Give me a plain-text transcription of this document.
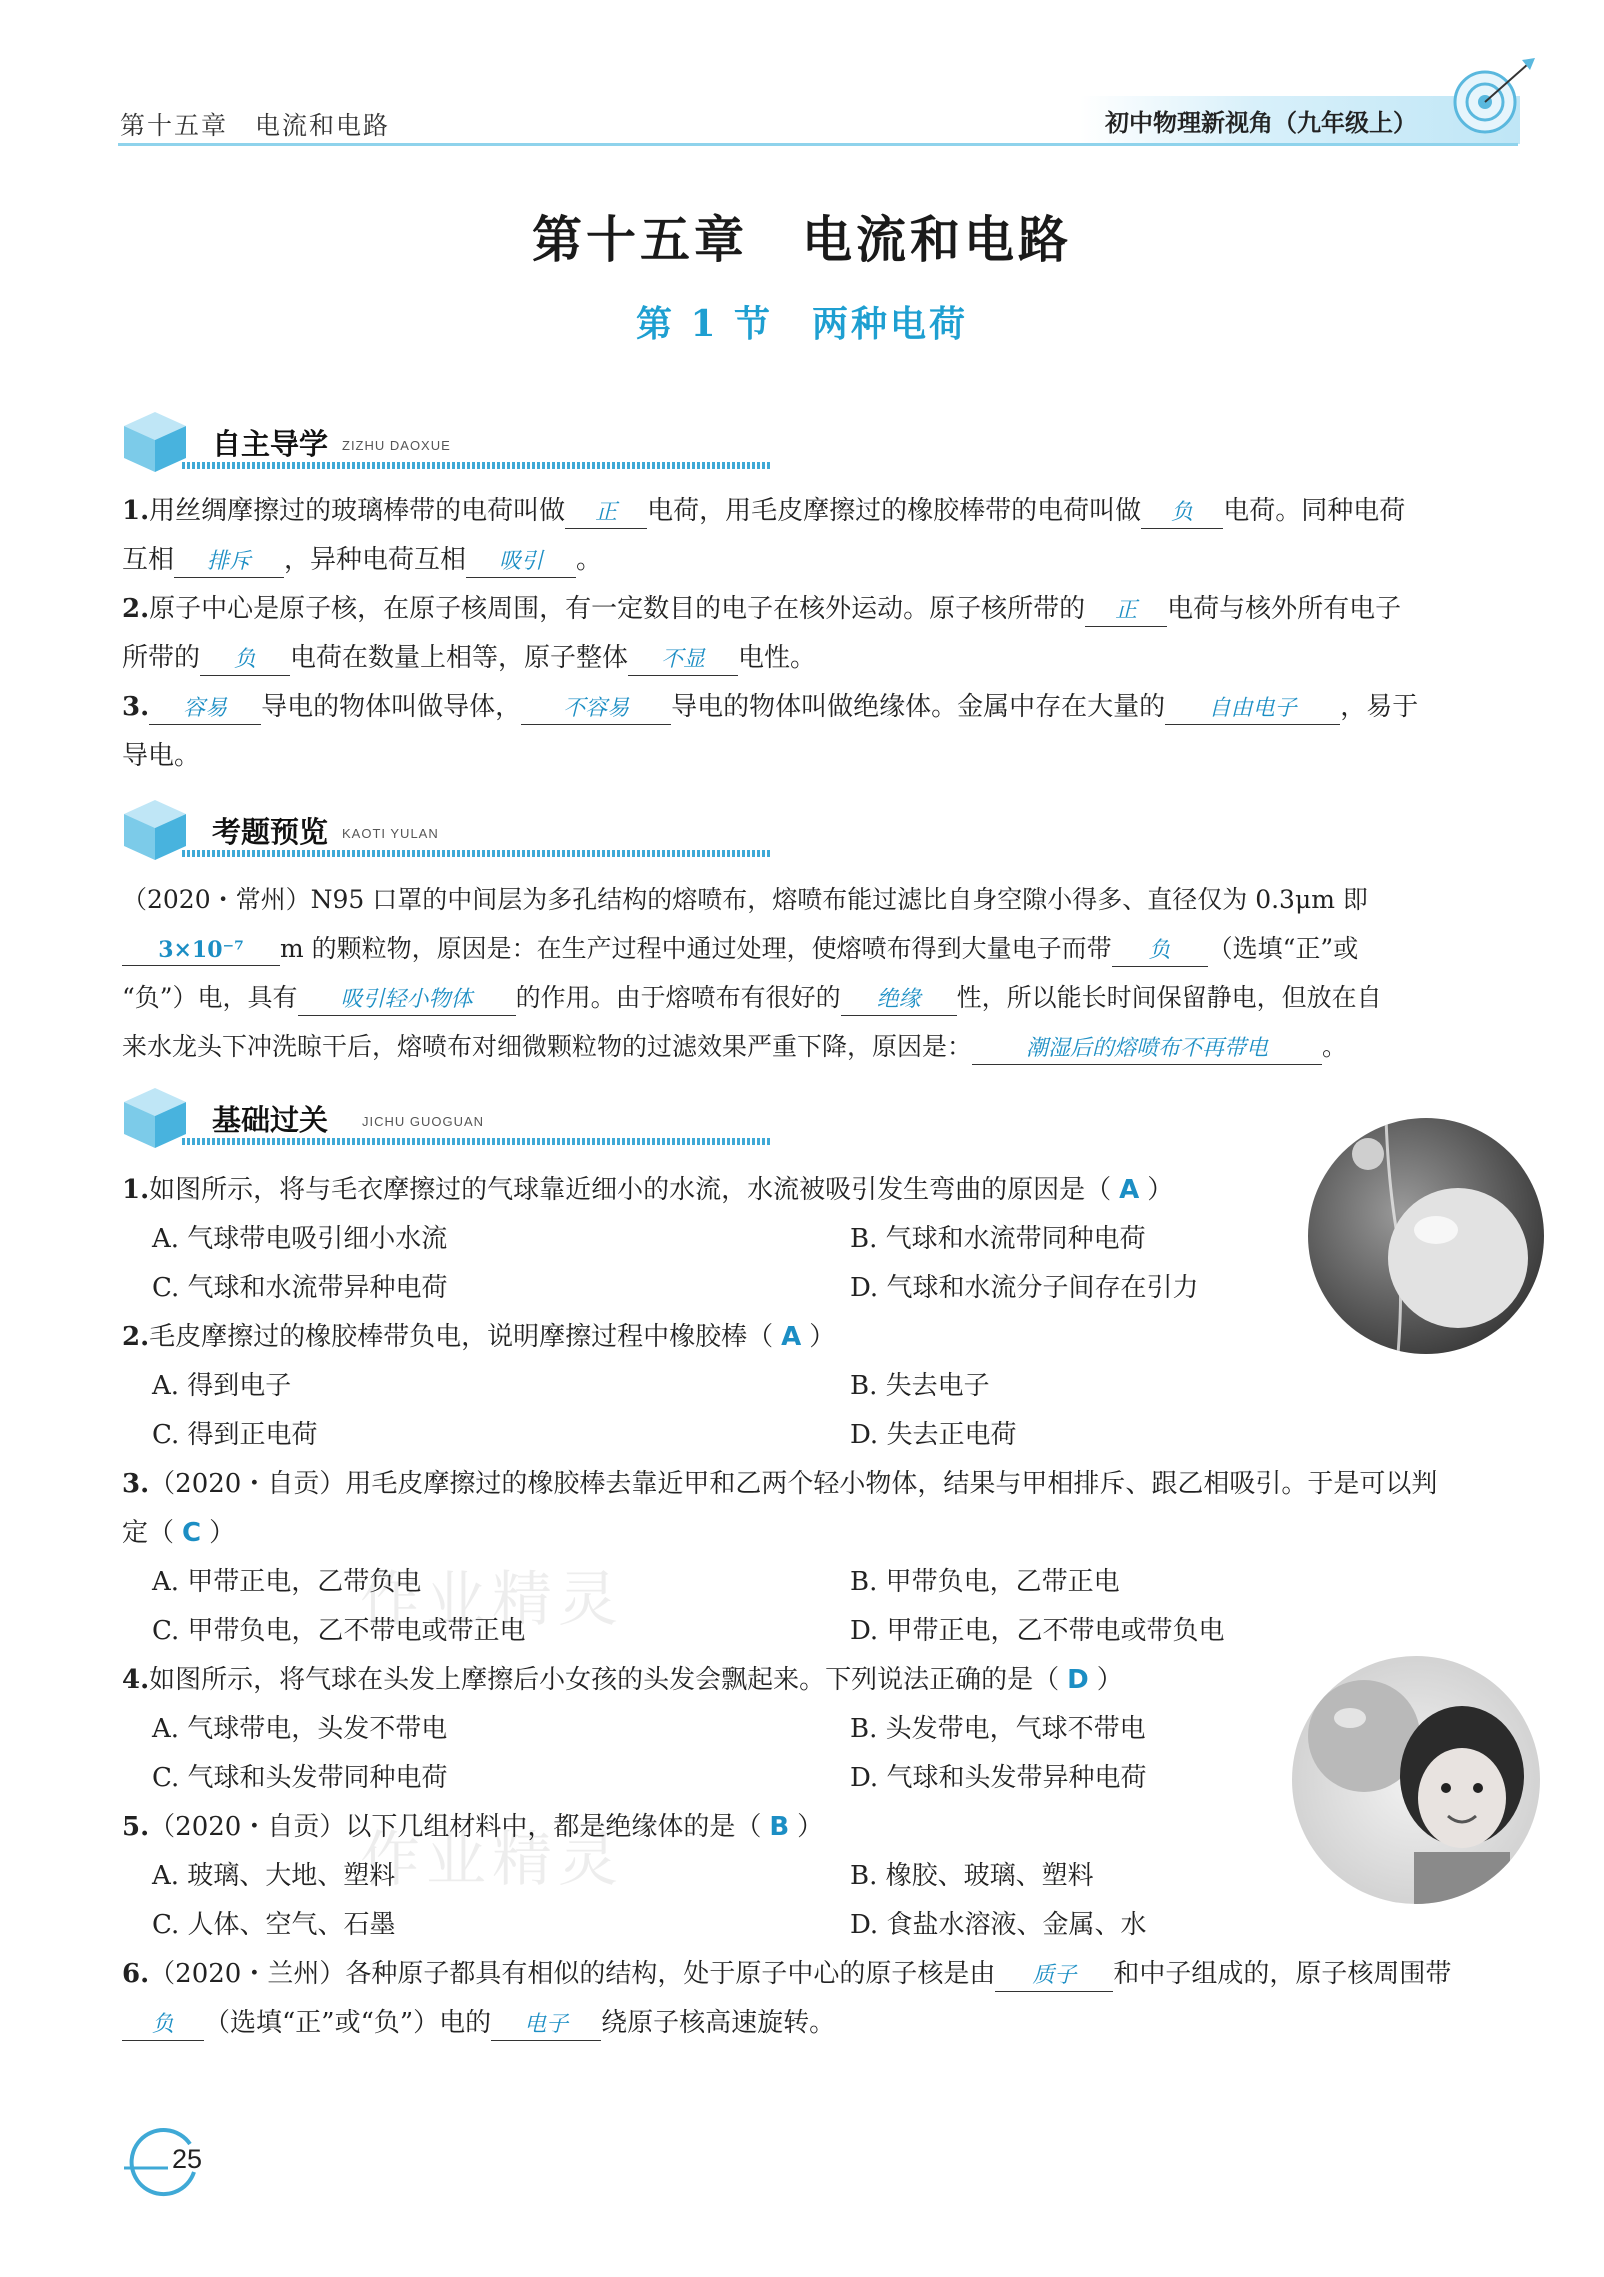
第十五章　电流和电路	初中物理新视角（九年级上）
第十五章　电流和电路
第 1 节　两种电荷
自主导学 ZIZHU DAOXUE
1.用丝绸摩擦过的玻璃棒带的电荷叫做 正 电荷，用毛皮摩擦过的橡胶棒带的电荷叫做 负 电荷。同种电荷
互相 排斥 ，异种电荷互相 吸引 。
2.原子中心是原子核，在原子核周围，有一定数目的电子在核外运动。原子核所带的 正 电荷与核外所有电子
所带的 负 电荷在数量上相等，原子整体 不显 电性。
3. 容易 导电的物体叫做导体， 不容易 导电的物体叫做绝缘体。金属中存在大量的 自由电子 ，易于
导电。
考题预览 KAOTI YULAN
（2020・常州）N95 口罩的中间层为多孔结构的熔喷布，熔喷布能过滤比自身空隙小得多、直径仅为 0.3μm 即
3×10⁻⁷ m 的颗粒物，原因是：在生产过程中通过处理，使熔喷布得到大量电子而带 负 （选填“正”或
“负”）电，具有 吸引轻小物体 的作用。由于熔喷布有很好的 绝缘 性，所以能长时间保留静电，但放在自
来水龙头下冲洗晾干后，熔喷布对细微颗粒物的过滤效果严重下降，原因是： 潮湿后的熔喷布不再带电 。
基础过关	JICHU GUOGUAN
1.如图所示，将与毛衣摩擦过的气球靠近细小的水流，水流被吸引发生弯曲的原因是（ A ）
A. 气球带电吸引细小水流	B. 气球和水流带同种电荷
C. 气球和水流带异种电荷	D. 气球和水流分子间存在引力
2.毛皮摩擦过的橡胶棒带负电，说明摩擦过程中橡胶棒（ A ）
A. 得到电子	B. 失去电子
C. 得到正电荷	D. 失去正电荷
3.（2020・自贡）用毛皮摩擦过的橡胶棒去靠近甲和乙两个轻小物体，结果与甲相排斥、跟乙相吸引。于是可以判
定（ C ）
A. 甲带正电，乙带负电	B. 甲带负电，乙带正电
C. 甲带负电，乙不带电或带正电	D. 甲带正电，乙不带电或带负电
4.如图所示，将气球在头发上摩擦后小女孩的头发会飘起来。下列说法正确的是（ D ）
A. 气球带电，头发不带电	B. 头发带电，气球不带电
C. 气球和头发带同种电荷	D. 气球和头发带异种电荷
5.（2020・自贡）以下几组材料中，都是绝缘体的是（ B ）
A. 玻璃、大地、塑料	B. 橡胶、玻璃、塑料
C. 人体、空气、石墨	D. 食盐水溶液、金属、水
6.（2020・兰州）各种原子都具有相似的结构，处于原子中心的原子核是由 质子 和中子组成的，原子核周围带
负 （选填“正”或“负”）电的 电子 绕原子核高速旋转。
作业精灵
作业精灵
25
